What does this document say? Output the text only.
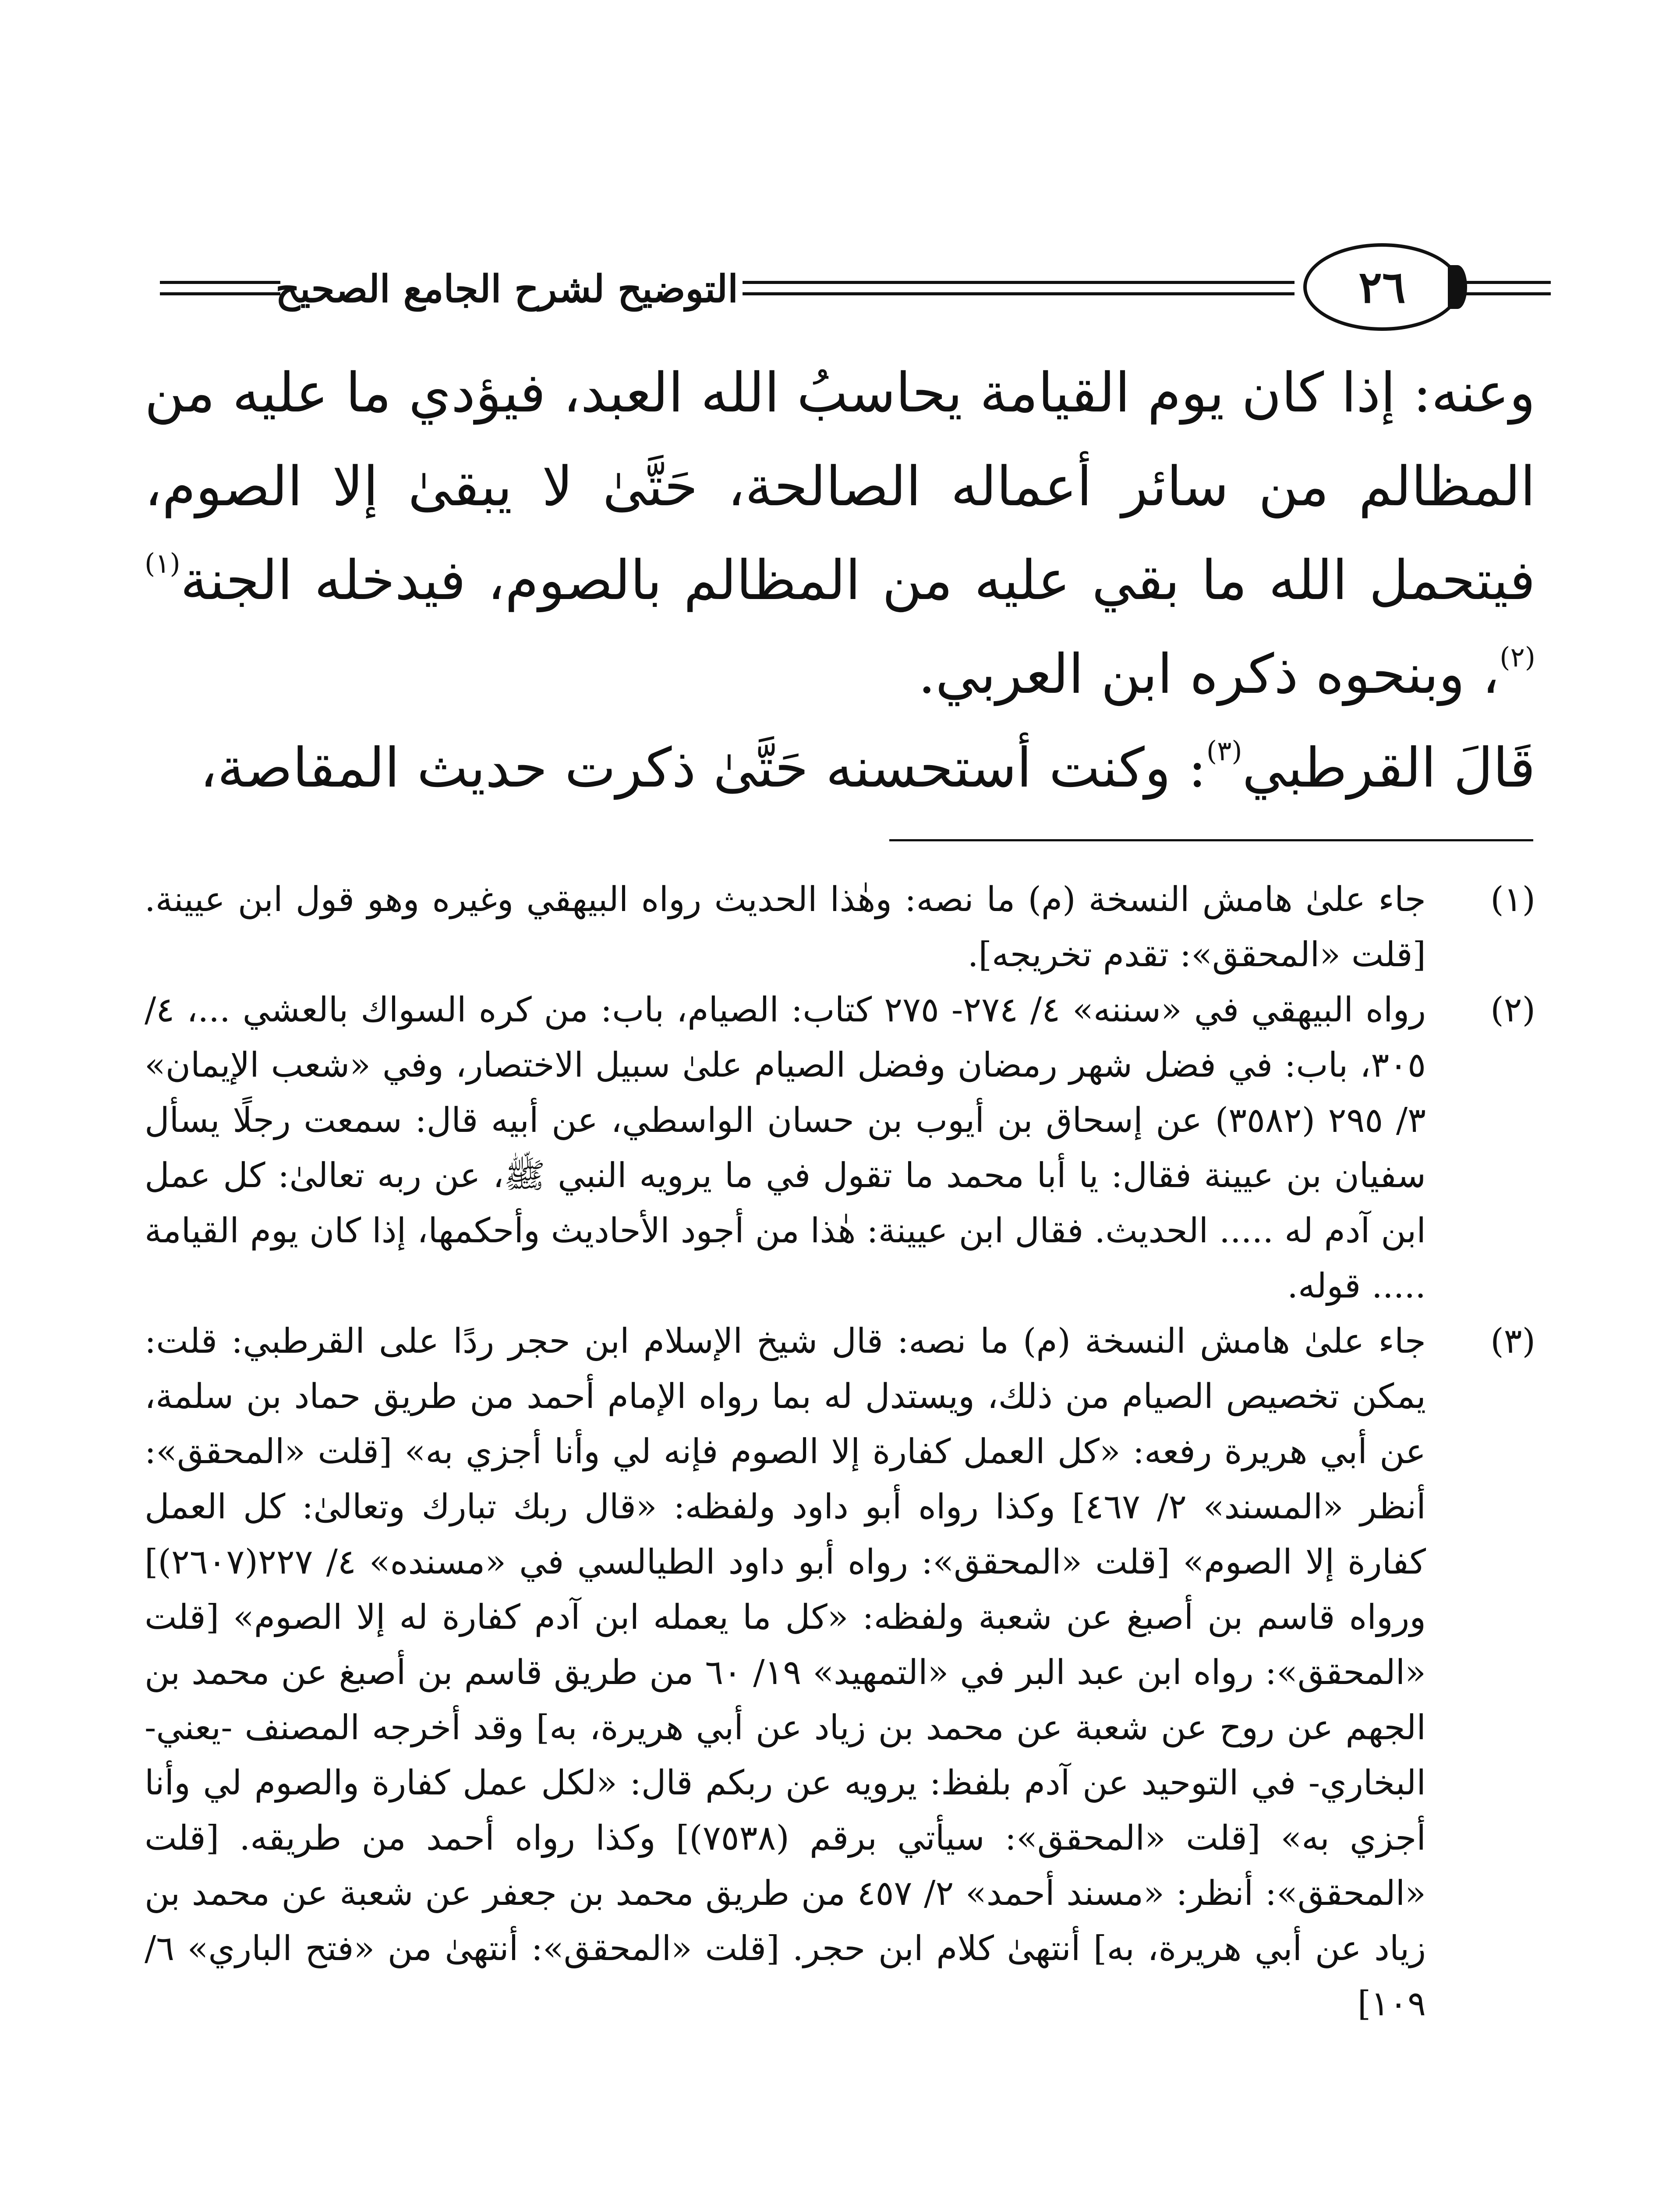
التوضيح لشرح الجامع الصحيح	٢٦

وعنه: إذا كان يوم القيامة يحاسبُ الله العبد، فيؤدي ما عليه من المظالم من سائر أعماله الصالحة، حَتَّىٰ لا يبقىٰ إلا الصوم، فيتحمل الله ما بقي عليه من المظالم بالصوم، فيدخله الجنة$^{(١)(٢)}$، وبنحوه ذكره ابن العربي.

قَالَ القرطبي$^{(٣)}$: وكنت أستحسنه حَتَّىٰ ذكرت حديث المقاصة،

(١)
جاء علىٰ هامش النسخة (م) ما نصه: وهٰذا الحديث رواه البيهقي وغيره وهو قول ابن عيينة.[قلت «المحقق»: تقدم تخريجه].

(٢)
رواه البيهقي في «سننه» ٤/ ٢٧٤- ٢٧٥ كتاب: الصيام، باب: من كره السواك بالعشي ...، ٤/ ٣٠٥، باب: في فضل شهر رمضان وفضل الصيام علىٰ سبيل الاختصار، وفي «شعب الإيمان» ٣/ ٢٩٥ (٣٥٨٢) عن إسحاق بن أيوب بن حسان الواسطي، عن أبيه قال: سمعت رجلًا يسأل سفيان بن عيينة فقال: يا أبا محمد ما تقول في ما يرويه النبي ﷺ، عن ربه تعالىٰ: كل عمل ابن آدم له ..... الحديث. فقال ابن عيينة: هٰذا من أجود الأحاديث وأحكمها، إذا كان يوم القيامة ..... قوله.

(٣)
جاء علىٰ هامش النسخة (م) ما نصه: قال شيخ الإسلام ابن حجر ردًا على القرطبي: قلت: يمكن تخصيص الصيام من ذلك، ويستدل له بما رواه الإمام أحمد من طريق حماد بن سلمة، عن أبي هريرة رفعه: «كل العمل كفارة إلا الصوم فإنه لي وأنا أجزي به» [قلت «المحقق»: أنظر «المسند» ٢/ ٤٦٧] وكذا رواه أبو داود ولفظه: «قال ربك تبارك وتعالىٰ: كل العمل كفارة إلا الصوم» [قلت «المحقق»: رواه أبو داود الطيالسي في «مسنده» ٤/ ٢٢٧(٢٦٠٧)] ورواه قاسم بن أصبغ عن شعبة ولفظه: «كل ما يعمله ابن آدم كفارة له إلا الصوم» [قلت «المحقق»: رواه ابن عبد البر في «التمهيد» ١٩/ ٦٠ من طريق قاسم بن أصبغ عن محمد بن الجهم عن روح عن شعبة عن محمد بن زياد عن أبي هريرة، به] وقد أخرجه المصنف -يعني- البخاري- في التوحيد عن آدم بلفظ: يرويه عن ربكم قال: «لكل عمل كفارة والصوم لي وأنا أجزي به» [قلت «المحقق»: سيأتي برقم (٧٥٣٨)] وكذا رواه أحمد من طريقه. [قلت «المحقق»: أنظر: «مسند أحمد» ٢/ ٤٥٧ من طريق محمد بن جعفر عن شعبة عن محمد بن زياد عن أبي هريرة، به] أنتهىٰ كلام ابن حجر. [قلت «المحقق»: أنتهىٰ من «فتح الباري» ٦/ ١٠٩]
